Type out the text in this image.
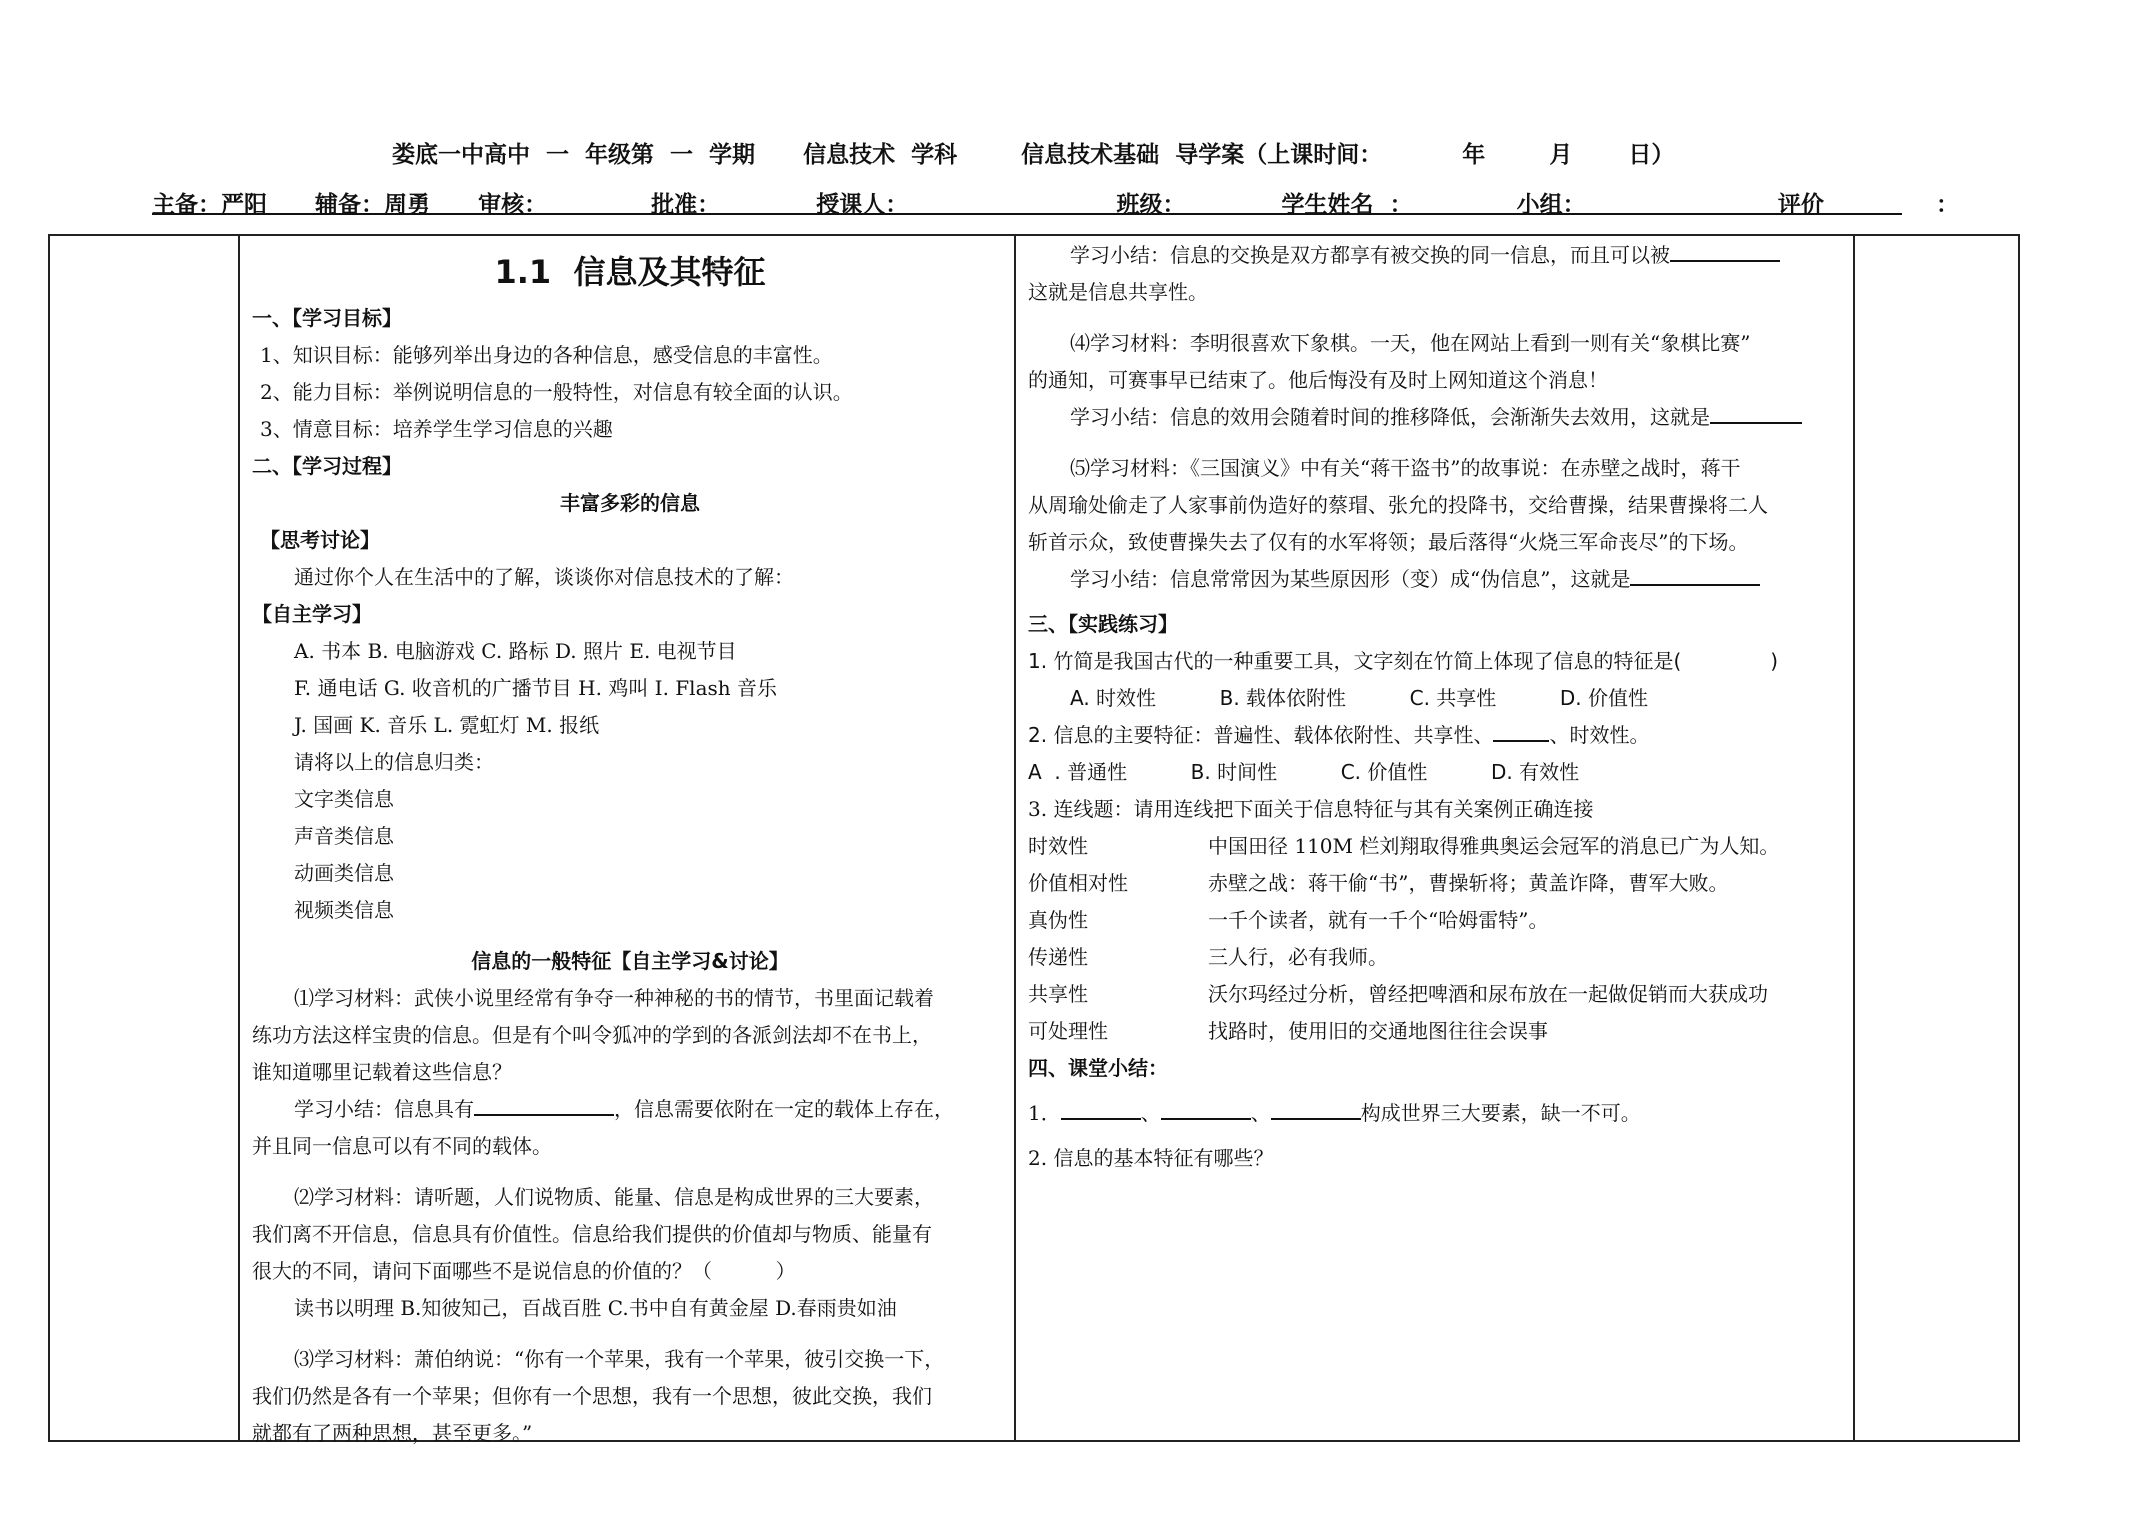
娄底一中高中  一  年级第  一  学期      信息技术  学科        信息技术基础  导学案（上课时间：          年        月       日）
主备：严阳      辅备：周勇      审核：             批准：            授课人：                          班级：            学生姓名  ：             小组：                        评价              ：

1.1  信息及其特征

一、【学习目标】

1、知识目标：能够列举出身边的各种信息，感受信息的丰富性。

2、能力目标：举例说明信息的一般特性，对信息有较全面的认识。

3、情意目标：培养学生学习信息的兴趣

二、【学习过程】

丰富多彩的信息

【思考讨论】

通过你个人在生活中的了解，谈谈你对信息技术的了解：

【自主学习】

A. 书本 B. 电脑游戏 C. 路标 D. 照片 E. 电视节目

F. 通电话 G. 收音机的广播节目 H. 鸡叫 I. Flash 音乐

J. 国画 K. 音乐 L. 霓虹灯 M. 报纸

请将以上的信息归类：

文字类信息

声音类信息

动画类信息

视频类信息

信息的一般特征【自主学习&讨论】

⑴学习材料：武侠小说里经常有争夺一种神秘的书的情节，书里面记载着

练功方法这样宝贵的信息。但是有个叫令狐冲的学到的各派剑法却不在书上，

谁知道哪里记载着这些信息？

学习小结：信息具有	，信息需要依附在一定的载体上存在，

并且同一信息可以有不同的载体。

⑵学习材料：请听题，人们说物质、能量、信息是构成世界的三大要素，

我们离不开信息，信息具有价值性。信息给我们提供的价值却与物质、能量有

很大的不同，请问下面哪些不是说信息的价值的？（          ）

读书以明理 B.知彼知己，百战百胜 C.书中自有黄金屋 D.春雨贵如油

⑶学习材料：萧伯纳说：“你有一个苹果，我有一个苹果，彼引交换一下，

我们仍然是各有一个苹果；但你有一个思想，我有一个思想，彼此交换，我们

就都有了两种思想，甚至更多。”

学习小结：信息的交换是双方都享有被交换的同一信息，而且可以被

这就是信息共享性。

⑷学习材料：李明很喜欢下象棋。一天，他在网站上看到一则有关“象棋比赛”

的通知，可赛事早已结束了。他后悔没有及时上网知道这个消息！

学习小结：信息的效用会随着时间的推移降低，会渐渐失去效用，这就是

⑸学习材料：《三国演义》中有关“蒋干盗书”的故事说：在赤壁之战时，蒋干

从周瑜处偷走了人家事前伪造好的蔡瑁、张允的投降书，交给曹操，结果曹操将二人

斩首示众，致使曹操失去了仅有的水军将领；最后落得“火烧三军命丧尽”的下场。

学习小结：信息常常因为某些原因形（变）成“伪信息”，这就是

三、【实践练习】

1. 竹简是我国古代的一种重要工具，文字刻在竹简上体现了信息的特征是(              )

A. 时效性          B. 载体依附性          C. 共享性          D. 价值性

2. 信息的主要特征：普遍性、载体依附性、共享性、	、时效性。

A  . 普通性          B. 时间性          C. 价值性          D. 有效性

3. 连线题：请用连线把下面关于信息特征与其有关案例正确连接

时效性	中国田径 110M 栏刘翔取得雅典奥运会冠军的消息已广为人知。
价值相对性	赤壁之战：蒋干偷“书”，曹操斩将；黄盖诈降，曹军大败。
真伪性	一千个读者，就有一千个“哈姆雷特”。
传递性	三人行，必有我师。
共享性	沃尔玛经过分析，曾经把啤酒和尿布放在一起做促销而大获成功
可处理性	找路时，使用旧的交通地图往往会误事

四、课堂小结：

1．	、	、	构成世界三大要素，缺一不可。

2. 信息的基本特征有哪些？
